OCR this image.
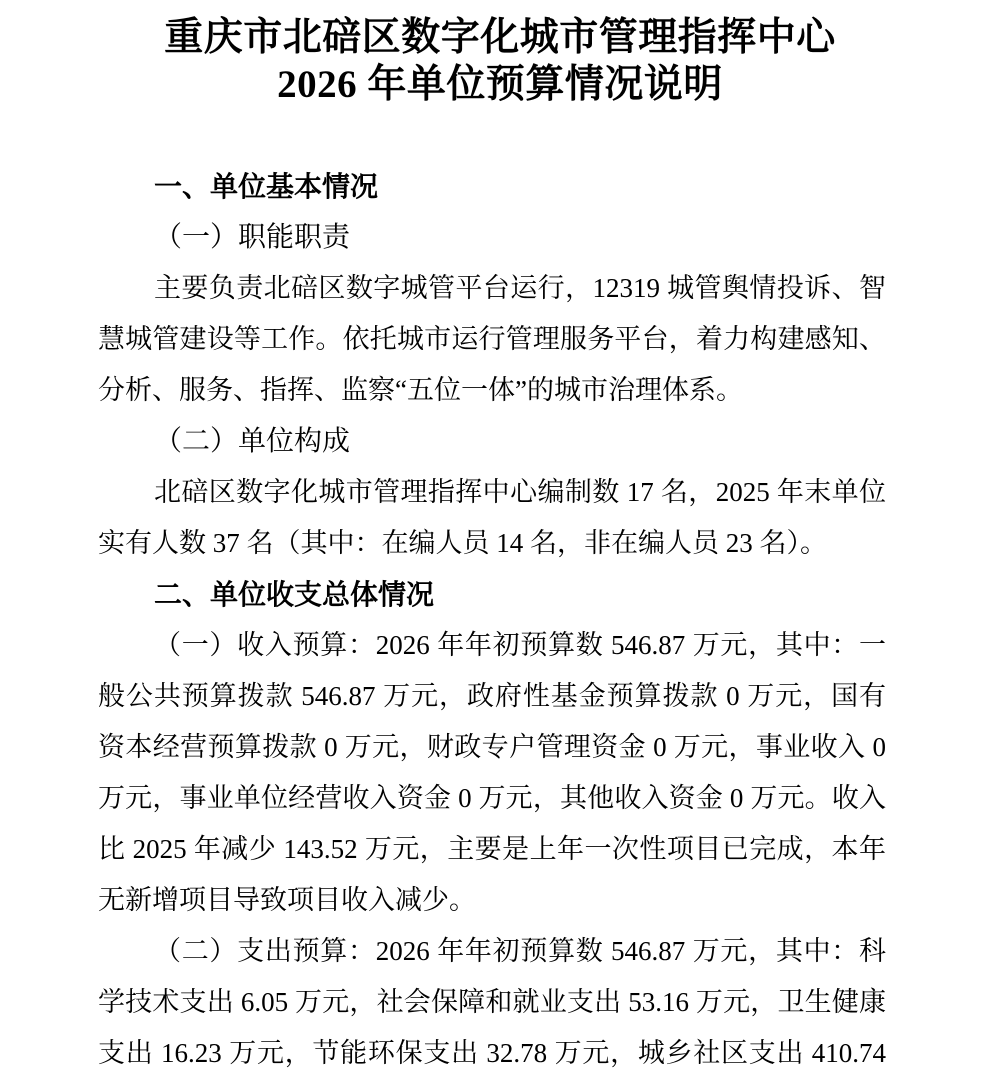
重庆市北碚区数字化城市管理指挥中心
2026 年单位预算情况说明
一、单位基本情况
（一）职能职责
主要负责北碚区数字城管平台运行，12319 城管舆情投诉、智
慧城管建设等工作。依托城市运行管理服务平台，着力构建感知、
分析、服务、指挥、监察“五位一体”的城市治理体系。
（二）单位构成
北碚区数字化城市管理指挥中心编制数 17 名，2025 年末单位
实有人数 37 名（其中：在编人员 14 名，非在编人员 23 名）。
二、单位收支总体情况
（一）收入预算：2026 年年初预算数 546.87 万元，其中：一
般公共预算拨款 546.87 万元，政府性基金预算拨款 0 万元，国有
资本经营预算拨款 0 万元，财政专户管理资金 0 万元，事业收入 0
万元，事业单位经营收入资金 0 万元，其他收入资金 0 万元。收入
比 2025 年减少 143.52 万元，主要是上年一次性项目已完成，本年
无新增项目导致项目收入减少。
（二）支出预算：2026 年年初预算数 546.87 万元，其中：科
学技术支出 6.05 万元，社会保障和就业支出 53.16 万元，卫生健康
支出 16.23 万元，节能环保支出 32.78 万元，城乡社区支出 410.74
